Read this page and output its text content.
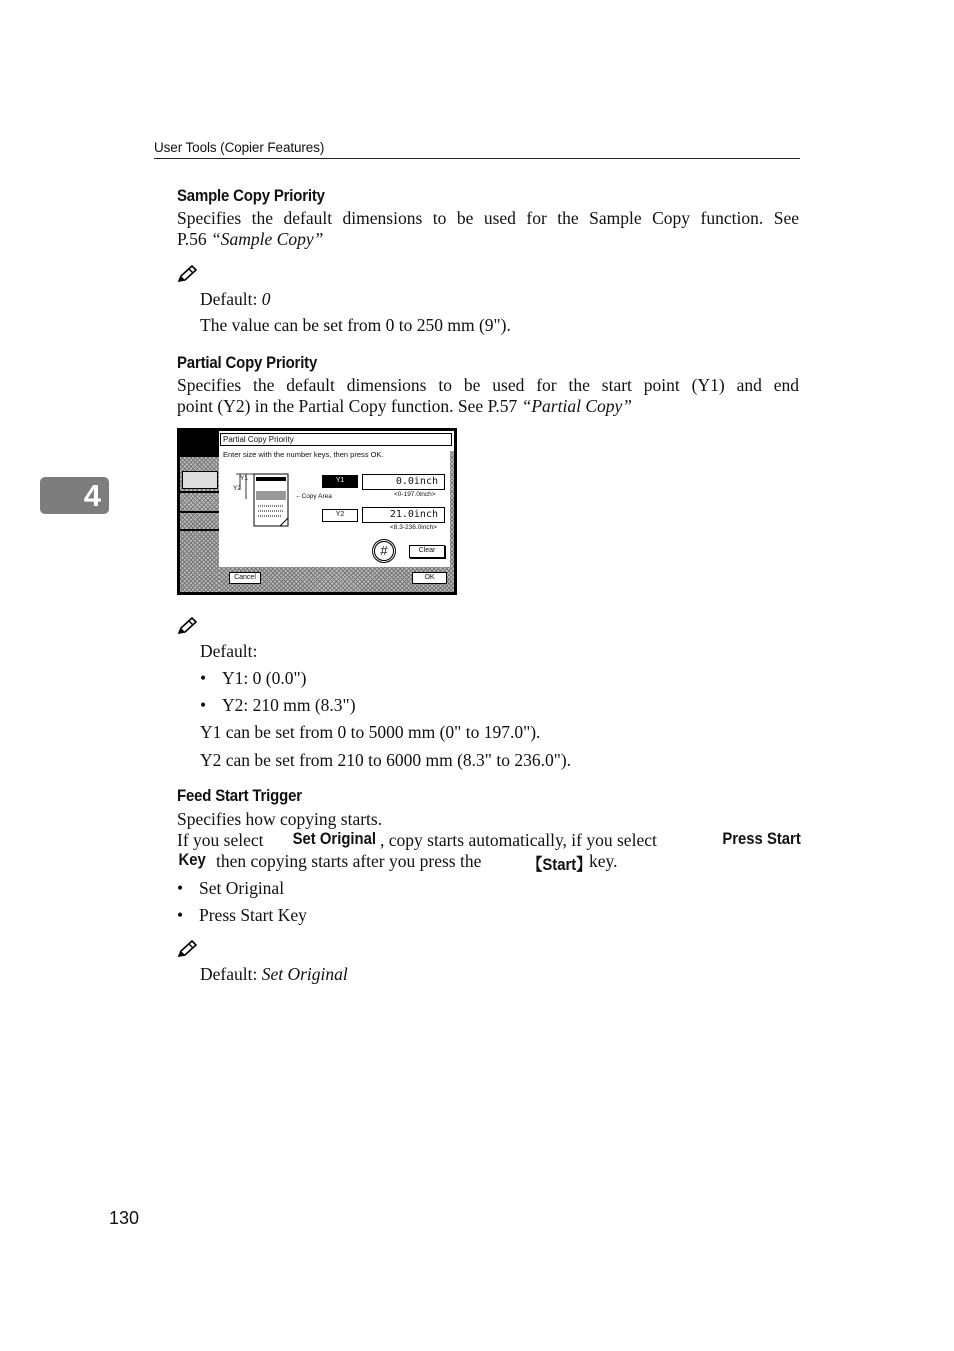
User Tools (Copier Features)
4
Sample Copy Priority
Specifies the default dimensions to be used for the Sample Copy function. See
P.56 “Sample Copy”
Default: 0
The value can be set from 0 to 250 mm (9").
Partial Copy Priority
Specifies the default dimensions to be used for the start point (Y1) and end
point (Y2) in the Partial Copy function. See P.57 “Partial Copy”
Partial Copy Priority
Enter size with the number keys, then press OK.
Y1
Y2
←Copy Area
Y1	0.0inch
<0-197.0inch>
Y2	21.0inch
<8.3-236.0inch>
#	Clear
Cancel	OK
Default:
• Y1: 0 (0.0")
• Y2: 210 mm (8.3")
Y1 can be set from 0 to 5000 mm (0" to 197.0").
Y2 can be set from 210 to 6000 mm (8.3" to 236.0").
Feed Start Trigger
Specifies how copying starts.
If you select Set Original , copy starts automatically, if you select	Press Start
Key then copying starts after you press the	【Start】
key.
• Set Original
• Press Start Key
Default: Set Original
130
